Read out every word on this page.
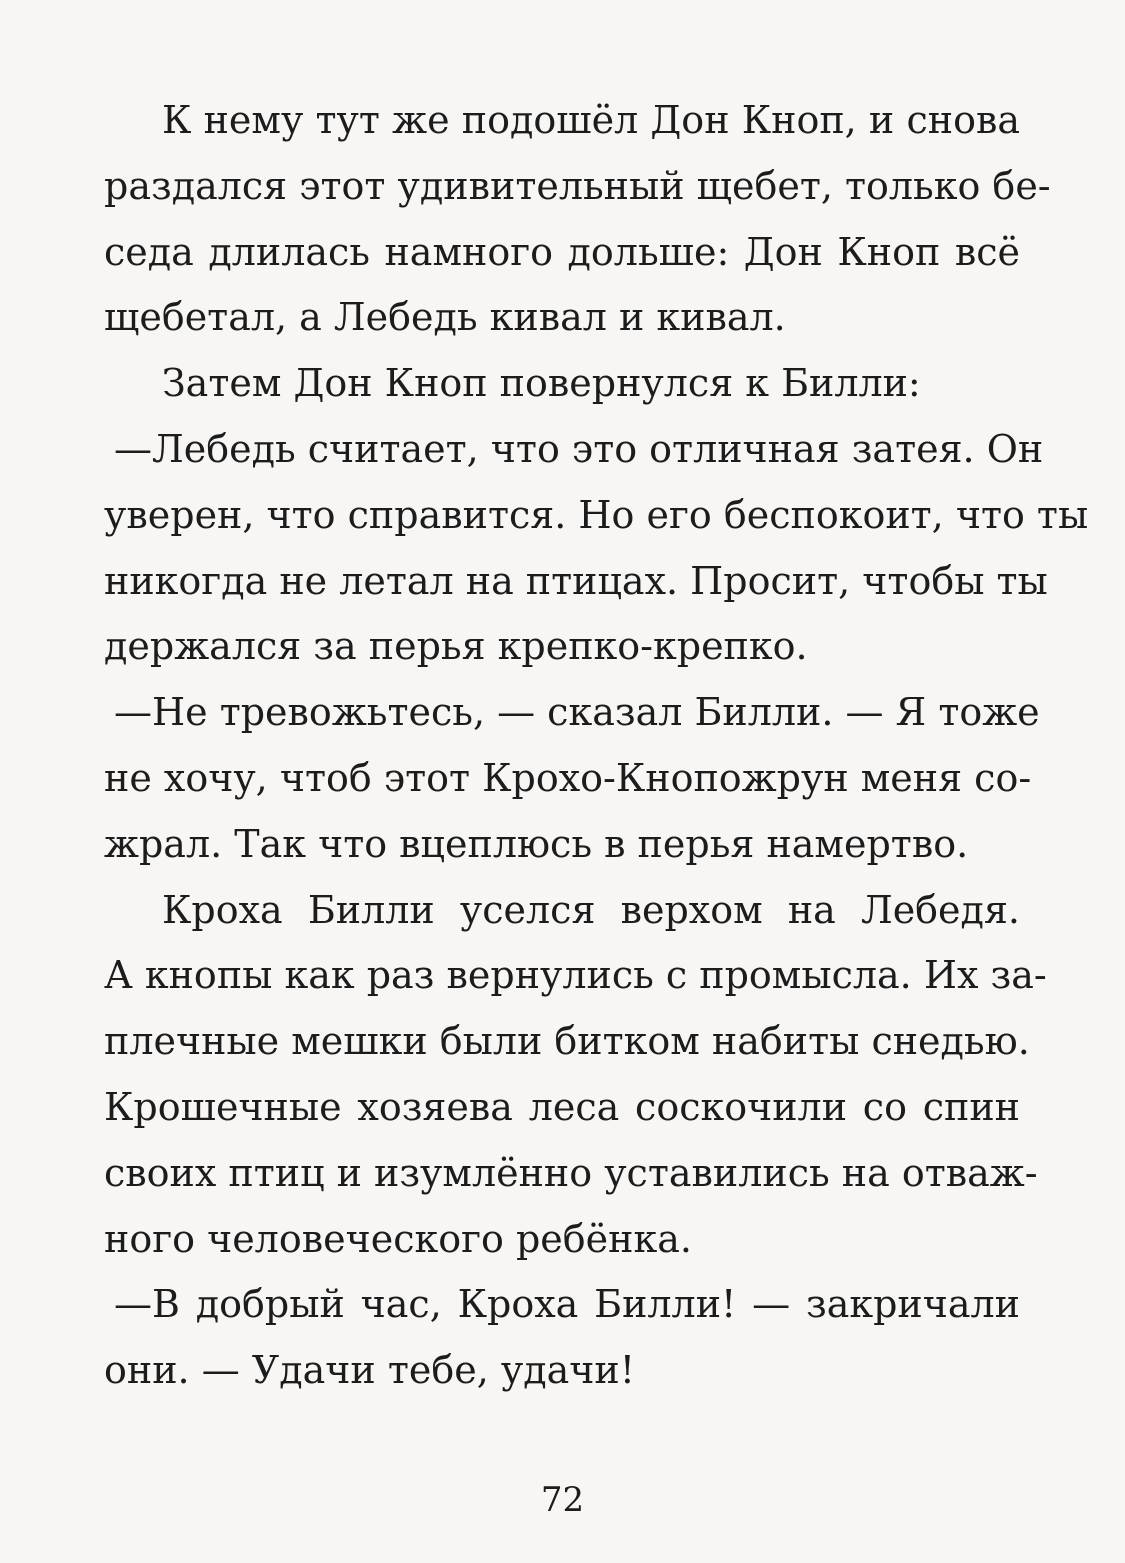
К нему тут же подошёл Дон Кноп, и снова
раздался этот удивительный щебет, только бе-
седа длилась намного дольше: Дон Кноп всё
щебетал, а Лебедь кивал и кивал.
Затем Дон Кноп повернулся к Билли:
—Лебедь считает, что это отличная затея. Он
уверен, что справится. Но его беспокоит, что ты
никогда не летал на птицах. Просит, чтобы ты
держался за перья крепко-крепко.
—Не тревожьтесь, — сказал Билли. — Я тоже
не хочу, чтоб этот Крохо-Кнопожрун меня со-
жрал. Так что вцеплюсь в перья намертво.
Кроха Билли уселся верхом на Лебедя.
А кнопы как раз вернулись с промысла. Их за-
плечные мешки были битком набиты снедью.
Крошечные хозяева леса соскочили со спин
своих птиц и изумлённо уставились на отваж-
ного человеческого ребёнка.
—В добрый час, Кроха Билли! — закричали
они. — Удачи тебе, удачи!
72
